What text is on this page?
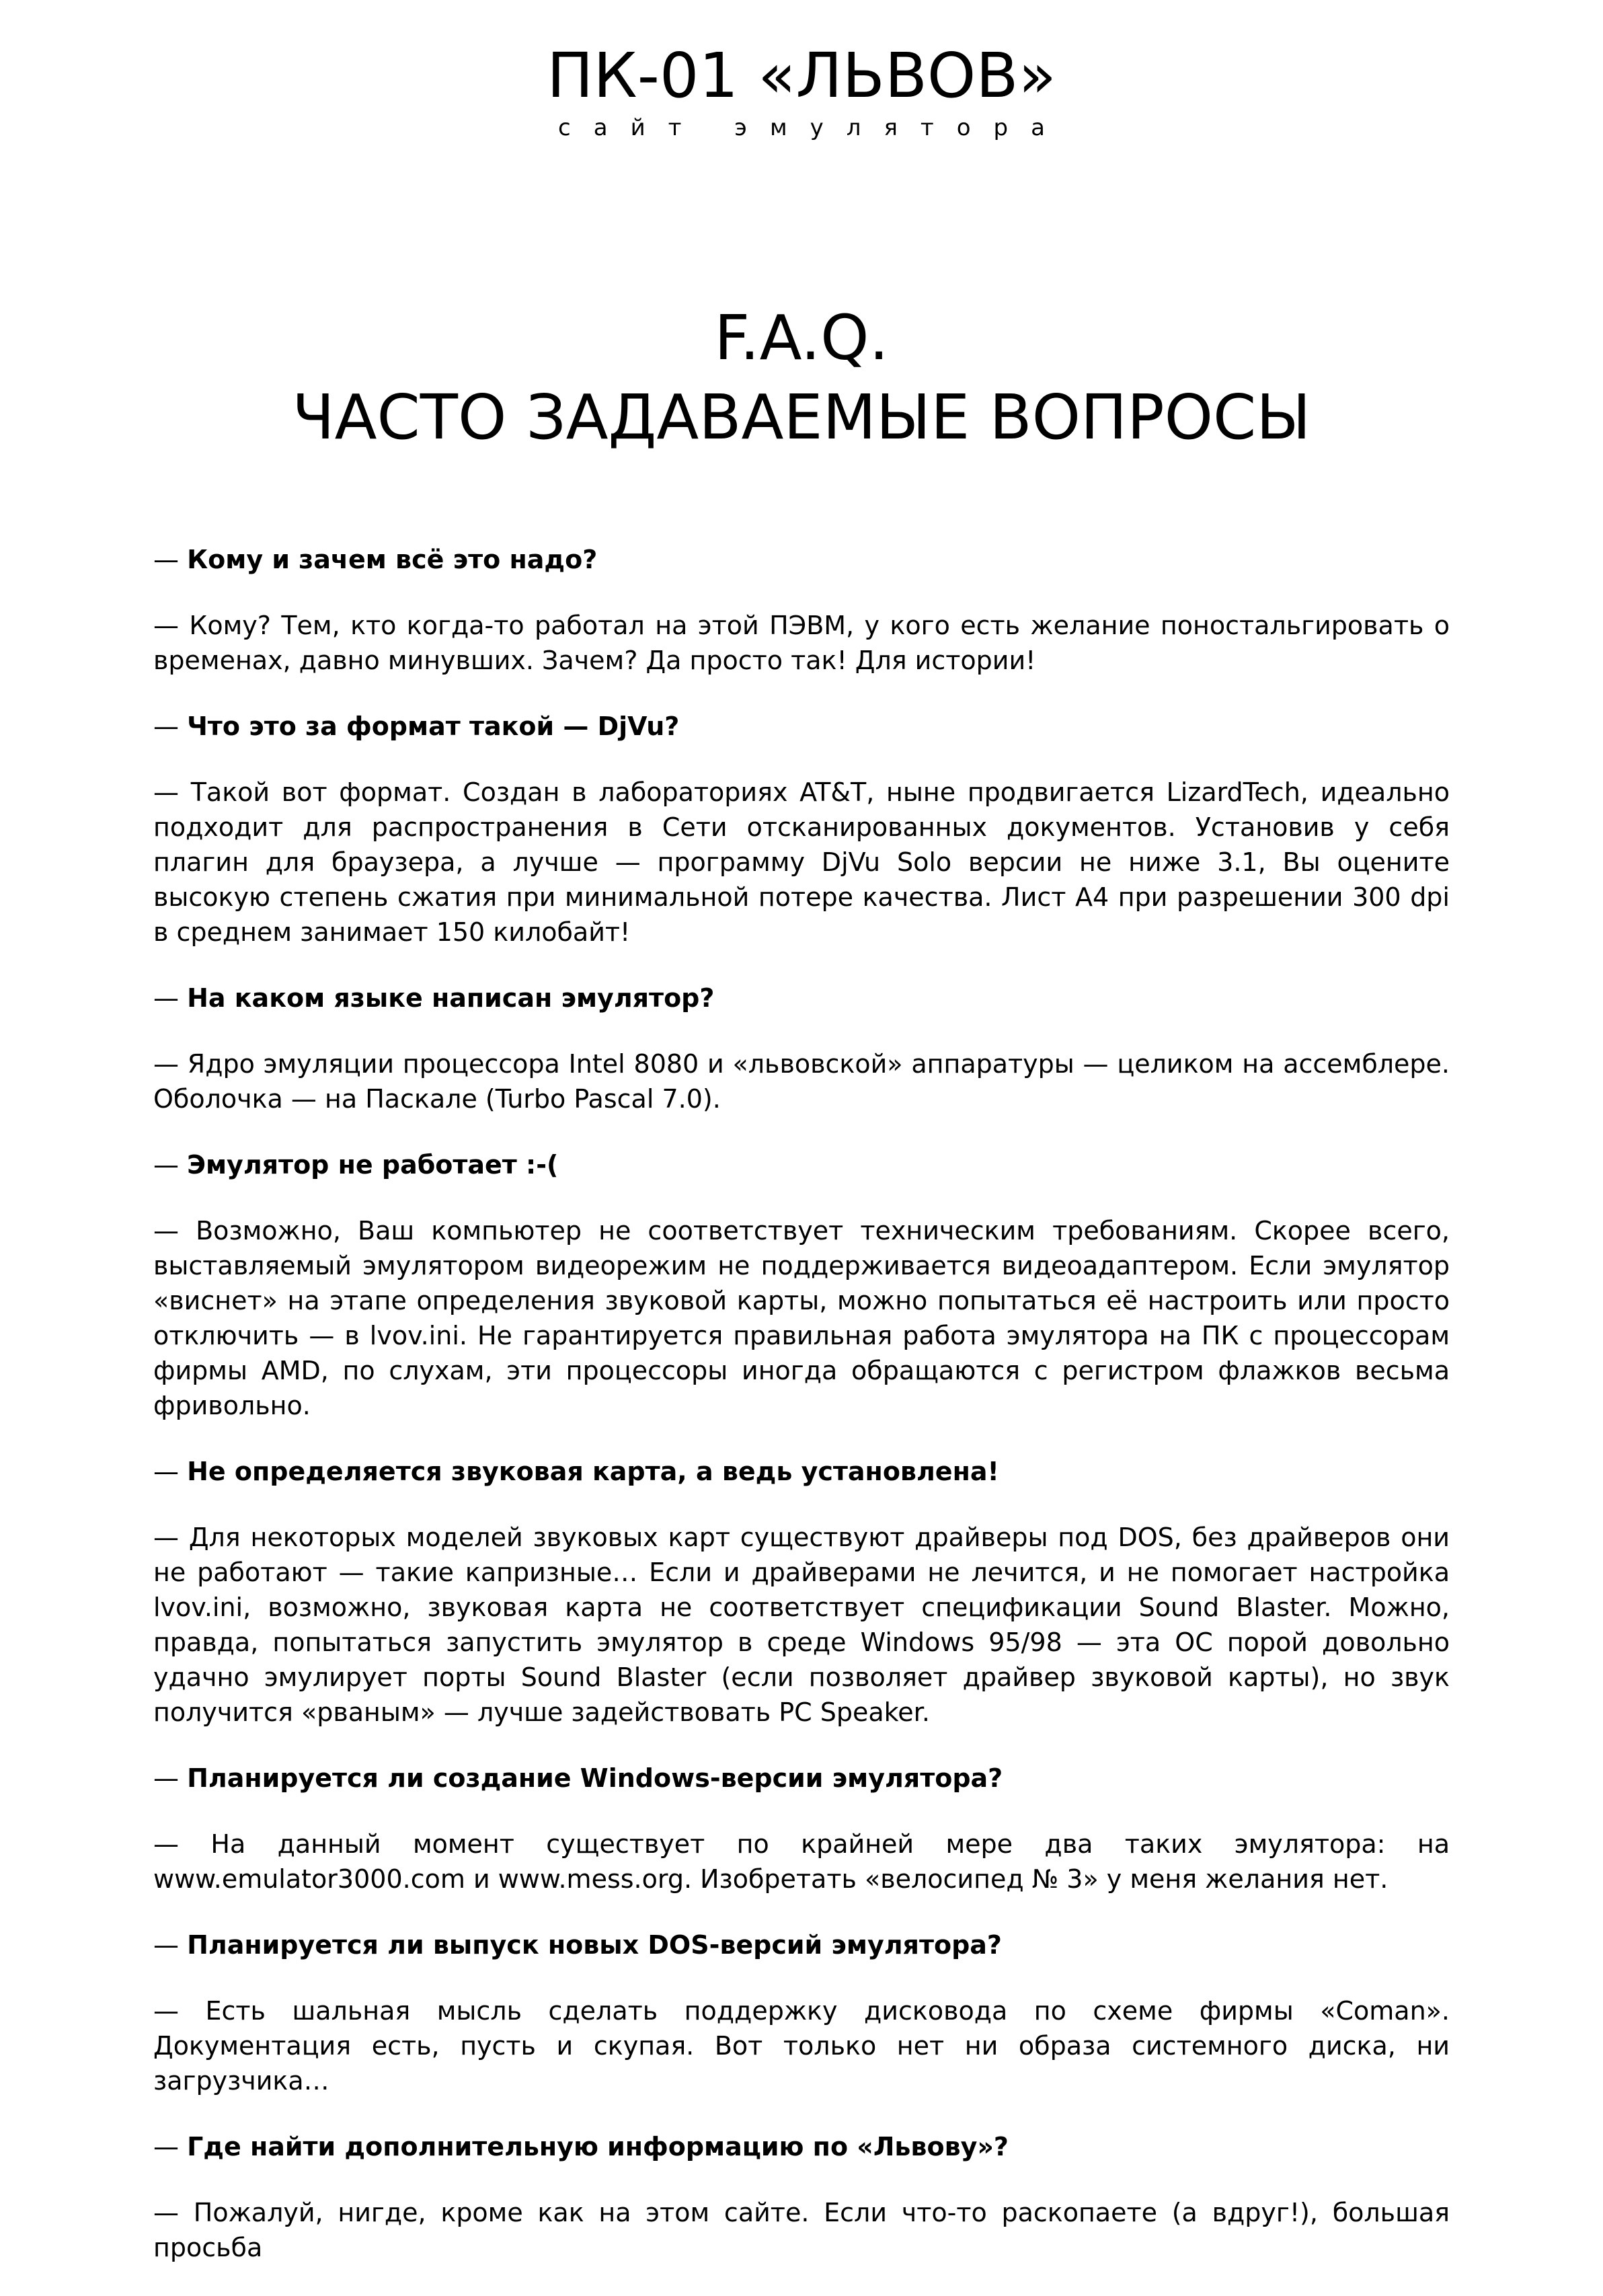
ПК-01 «ЛЬВОВ»

сайт эмулятора

F.A.Q.
ЧАСТО ЗАДАВАЕМЫЕ ВОПРОСЫ

— Кому и зачем всё это надо?

— Кому? Тем, кто когда-то работал на этой ПЭВМ, у кого есть желание поностальгировать о временах, давно минувших. Зачем? Да просто так! Для истории!

— Что это за формат такой — DjVu?

— Такой вот формат. Создан в лабораториях AT&T, ныне продвигается LizardTech, идеально подходит для распространения в Сети отсканированных документов. Установив у себя плагин для браузера, а лучше — программу DjVu Solo версии не ниже 3.1, Вы оцените высокую степень сжатия при минимальной потере качества. Лист А4 при разрешении 300 dpi в среднем занимает 150 килобайт!

— На каком языке написан эмулятор?

— Ядро эмуляции процессора Intel 8080 и «львовской» аппаратуры — целиком на ассемблере. Оболочка — на Паскале (Turbo Pascal 7.0).

— Эмулятор не работает :-(

— Возможно, Ваш компьютер не соответствует техническим требованиям. Скорее всего, выставляемый эмулятором видеорежим не поддерживается видеоадаптером. Если эмулятор «виснет» на этапе определения звуковой карты, можно попытаться её настроить или просто отключить — в lvov.ini. Не гарантируется правильная работа эмулятора на ПК с процессорам фирмы AMD, по слухам, эти процессоры иногда обращаются с регистром флажков весьма фривольно.

— Не определяется звуковая карта, а ведь установлена!

— Для некоторых моделей звуковых карт существуют драйверы под DOS, без драйверов они не работают — такие капризные… Если и драйверами не лечится, и не помогает настройка lvov.ini, возможно, звуковая карта не соответствует спецификации Sound Blaster. Можно, правда, попытаться запустить эмулятор в среде Windows 95/98 — эта ОС порой довольно удачно эмулирует порты Sound Blaster (если позволяет драйвер звуковой карты), но звук получится «рваным» — лучше задействовать PC Speaker.

— Планируется ли создание Windows-версии эмулятора?

— На данный момент существует по крайней мере два таких эмулятора: на www.emulator3000.com и www.mess.org. Изобретать «велосипед № 3» у меня желания нет.

— Планируется ли выпуск новых DOS-версий эмулятора?

— Есть шальная мысль сделать поддержку дисковода по схеме фирмы «Coman». Документация есть, пусть и скупая. Вот только нет ни образа системного диска, ни загрузчика…

— Где найти дополнительную информацию по «Львову»?

— Пожалуй, нигде, кроме как на этом сайте. Если что-то раскопаете (а вдруг!), большая просьба
